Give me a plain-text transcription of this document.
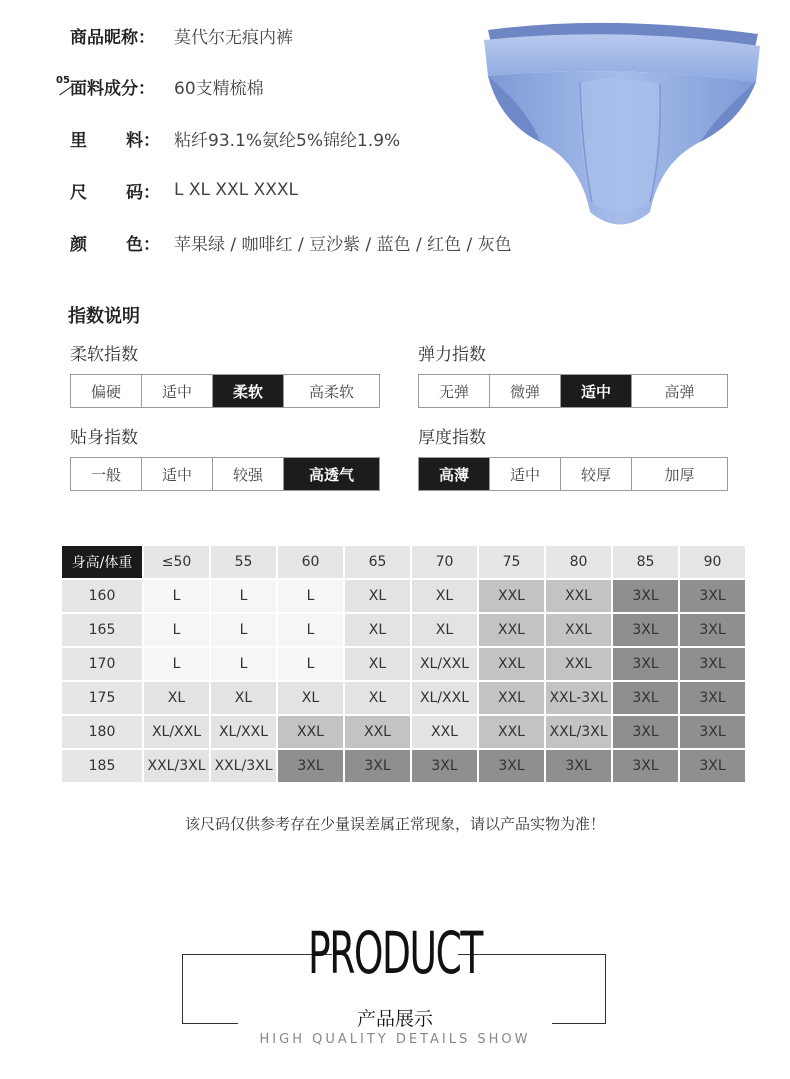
商品昵称：	莫代尔无痕内裤
05 面料成分：	60支精梳棉
里 料： 粘纤93.1%氨纶5%锦纶1.9%
尺 码： L XL XXL XXXL
颜 色： 苹果绿 / 咖啡红 / 豆沙紫 / 蓝色 / 红色 / 灰色
指数说明
柔软指数
偏硬	适中	柔软	高柔软
弹力指数
无弹	微弹	适中	高弹
贴身指数
一般	适中	较强	高透气
厚度指数
高薄	适中	较厚	加厚
身高/体重	≤50	55	60	65	70	75	80	85	90
160	L	L	L	XL	XL	XXL	XXL	3XL	3XL
165	L	L	L	XL	XL	XXL	XXL	3XL	3XL
170	L	L	L	XL	XL/XXL	XXL	XXL	3XL	3XL
175	XL	XL	XL	XL	XL/XXL	XXL	XXL-3XL	3XL	3XL
180	XL/XXL	XL/XXL	XXL	XXL	XXL	XXL	XXL/3XL	3XL	3XL
185	XXL/3XL	XXL/3XL	3XL	3XL	3XL	3XL	3XL	3XL	3XL
该尺码仅供参考存在少量误差属正常现象，请以产品实物为准！
PRODUCT
产品展示
HIGH QUALITY DETAILS SHOW
